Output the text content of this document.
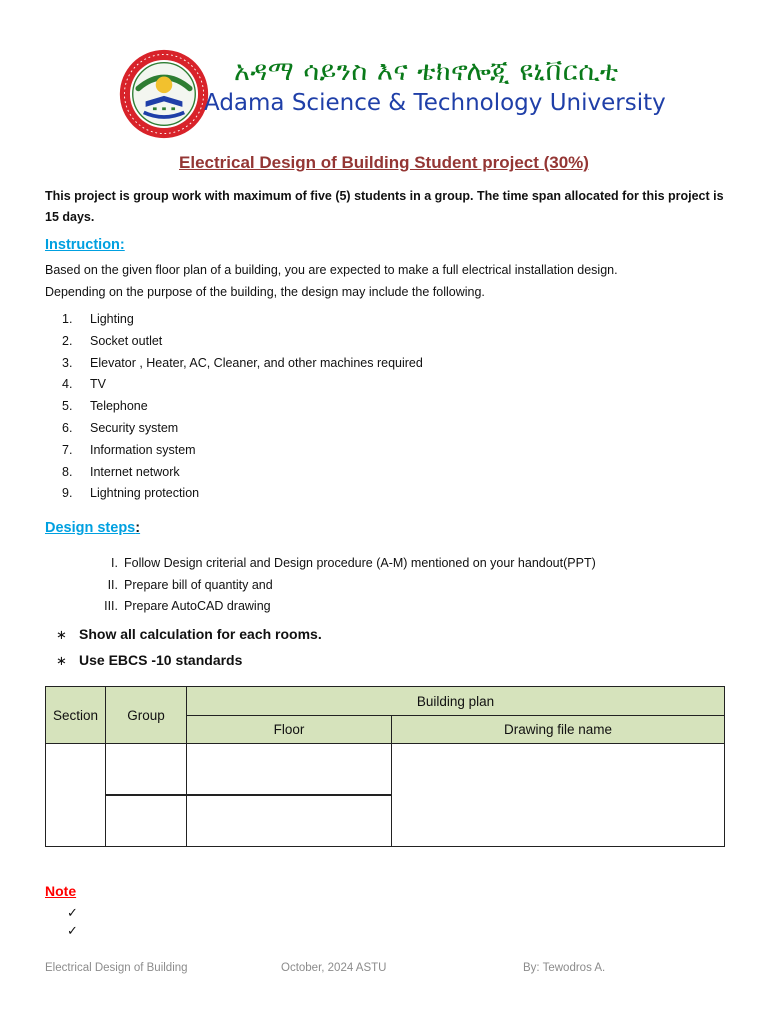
አዳማ ሳይንስ እና ቴክኖሎጂ ዩኒቨርሲቲ
Adama Science & Technology University
Electrical Design of Building Student project (30%)
This project is group work with maximum of five (5) students in a group. The time span allocated for this project is 15 days.
Instruction:
Based on the given floor plan of a building, you are expected to make a full electrical installation design.
Depending on the purpose of the building, the design may include the following.
1. Lighting
2. Socket outlet
3. Elevator , Heater, AC, Cleaner, and other machines required
4. TV
5. Telephone
6. Security system
7. Information system
8. Internet network
9. Lightning protection
Design steps:
I. Follow Design criterial and Design procedure (A-M) mentioned on your handout(PPT)
II. Prepare bill of quantity and
III. Prepare AutoCAD drawing
∗ Show all calculation for each rooms.
∗ Use EBCS -10 standards
Section	Group	Building plan	
		Floor	Drawing file name

Note
✓
✓
Electrical Design of Building	October, 2024 ASTU	By: Tewodros A.
